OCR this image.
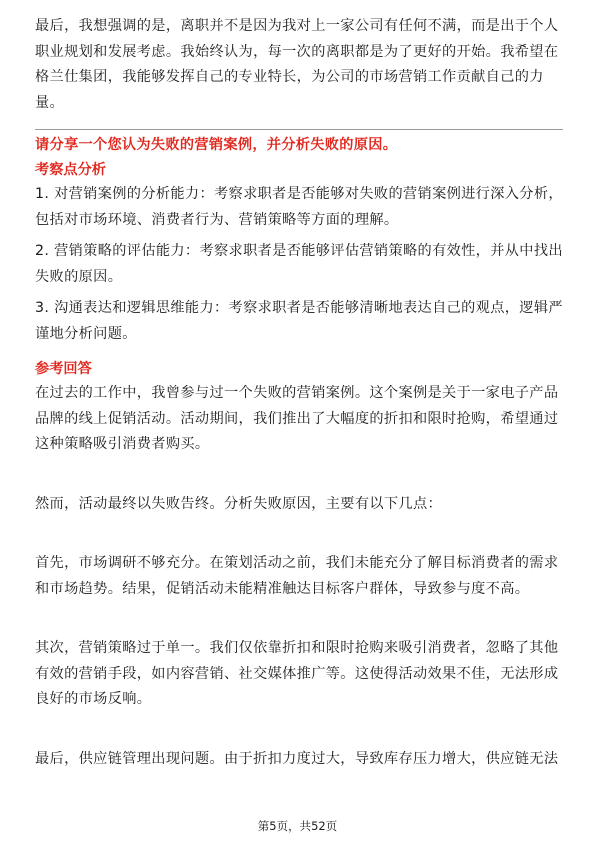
最后，我想强调的是，离职并不是因为我对上一家公司有任何不满，而是出于个人职业规划和发展考虑。我始终认为，每一次的离职都是为了更好的开始。我希望在格兰仕集团，我能够发挥自己的专业特长，为公司的市场营销工作贡献自己的力量。

请分享一个您认为失败的营销案例，并分析失败的原因。
考察点分析

1. 对营销案例的分析能力：考察求职者是否能够对失败的营销案例进行深入分析，包括对市场环境、消费者行为、营销策略等方面的理解。

2. 营销策略的评估能力：考察求职者是否能够评估营销策略的有效性，并从中找出失败的原因。

3. 沟通表达和逻辑思维能力：考察求职者是否能够清晰地表达自己的观点，逻辑严谨地分析问题。

参考回答

在过去的工作中，我曾参与过一个失败的营销案例。这个案例是关于一家电子产品品牌的线上促销活动。活动期间，我们推出了大幅度的折扣和限时抢购，希望通过这种策略吸引消费者购买。

然而，活动最终以失败告终。分析失败原因，主要有以下几点：

首先，市场调研不够充分。在策划活动之前，我们未能充分了解目标消费者的需求和市场趋势。结果，促销活动未能精准触达目标客户群体，导致参与度不高。

其次，营销策略过于单一。我们仅依靠折扣和限时抢购来吸引消费者，忽略了其他有效的营销手段，如内容营销、社交媒体推广等。这使得活动效果不佳，无法形成良好的市场反响。

最后，供应链管理出现问题。由于折扣力度过大，导致库存压力增大，供应链无法

第5页，共52页
